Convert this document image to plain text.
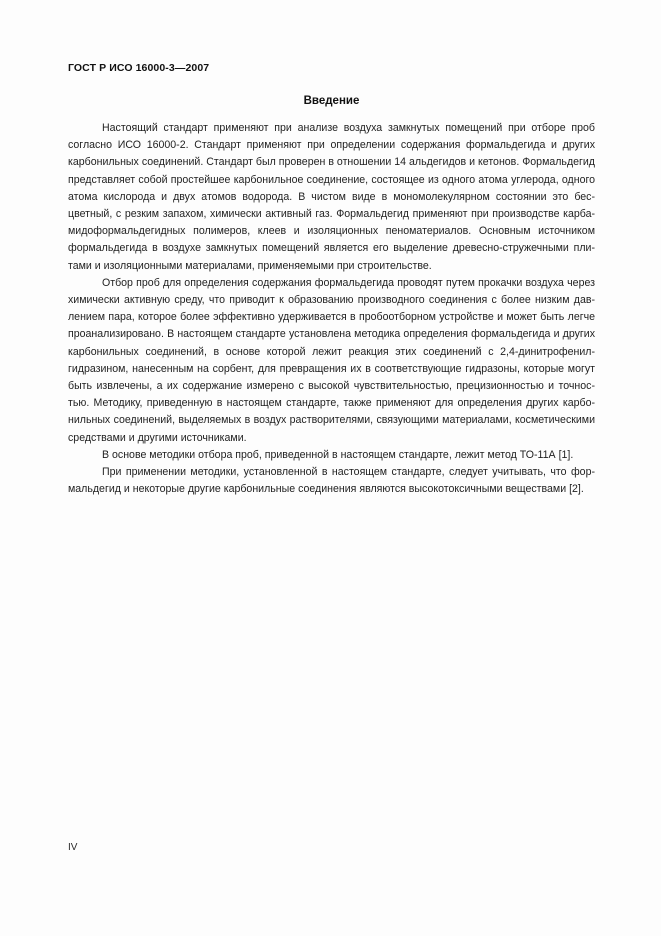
ГОСТ Р ИСО 16000-3—2007
Введение

Настоящий стандарт применяют при анализе воздуха замкнутых помещений при отборе проб согласно ИСО 16000-2. Стандарт применяют при определении содержания формальдегида и других карбонильных соединений. Стандарт был проверен в отношении 14 альдегидов и кетонов. Формальдегид представляет собой простейшее карбонильное соединение, состоящее из одного атома углерода, одного атома кислорода и двух атомов водорода. В чистом виде в мономолекулярном состоянии это бесцветный, с резким запахом, химически активный газ. Формальдегид применяют при производстве карбамидоформальдегидных полимеров, клеев и изоляционных пеноматериалов. Основным источником формальдегида в воздухе замкнутых помещений является его выделение древесно-стружечными плитами и изоляционными материалами, применяемыми при строительстве.

Отбор проб для определения содержания формальдегида проводят путем прокачки воздуха через химически активную среду, что приводит к образованию производного соединения с более низким давлением пара, которое более эффективно удерживается в пробоотборном устройстве и может быть легче проанализировано. В настоящем стандарте установлена методика определения формальдегида и других карбонильных соединений, в основе которой лежит реакция этих соединений с 2,4-динитрофенилгидразином, нанесенным на сорбент, для превращения их в соответствующие гидразоны, которые могут быть извлечены, а их содержание измерено с высокой чувствительностью, прецизионностью и точностью. Методику, приведенную в настоящем стандарте, также применяют для определения других карбонильных соединений, выделяемых в воздух растворителями, связующими материалами, косметическими средствами и другими источниками.

В основе методики отбора проб, приведенной в настоящем стандарте, лежит метод ТО-11А [1].

При применении методики, установленной в настоящем стандарте, следует учитывать, что формальдегид и некоторые другие карбонильные соединения являются высокотоксичными веществами [2].

IV
